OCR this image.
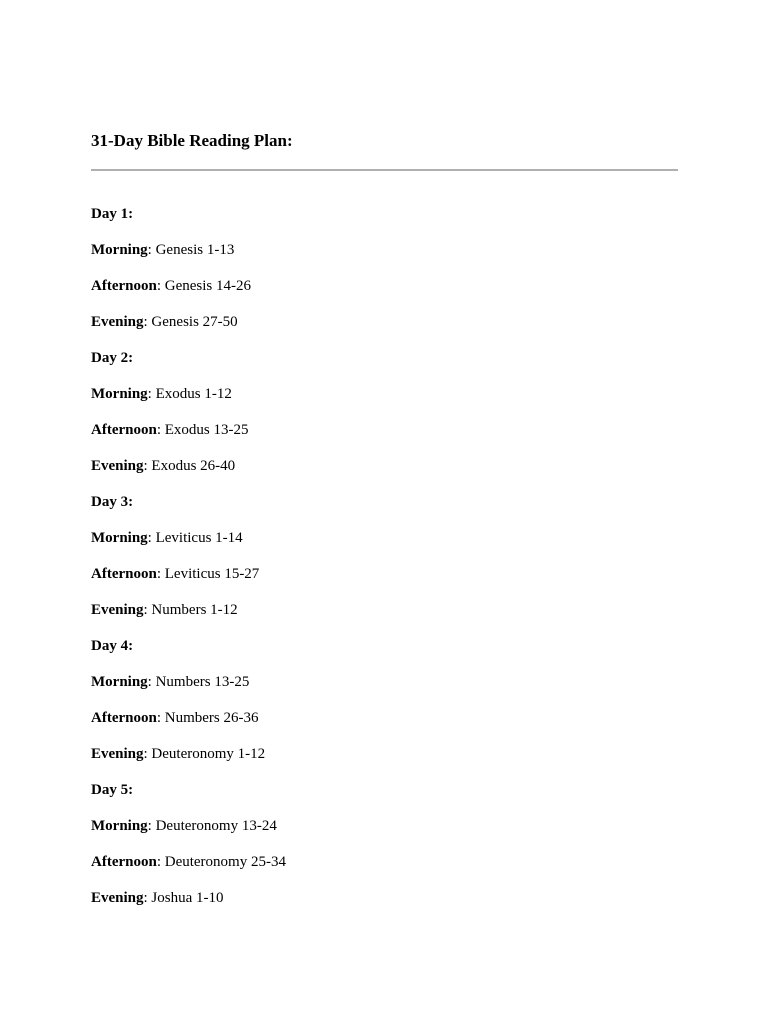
31-Day Bible Reading Plan:
Day 1:
Morning: Genesis 1-13
Afternoon: Genesis 14-26
Evening: Genesis 27-50
Day 2:
Morning: Exodus 1-12
Afternoon: Exodus 13-25
Evening: Exodus 26-40
Day 3:
Morning: Leviticus 1-14
Afternoon: Leviticus 15-27
Evening: Numbers 1-12
Day 4:
Morning: Numbers 13-25
Afternoon: Numbers 26-36
Evening: Deuteronomy 1-12
Day 5:
Morning: Deuteronomy 13-24
Afternoon: Deuteronomy 25-34
Evening: Joshua 1-10
